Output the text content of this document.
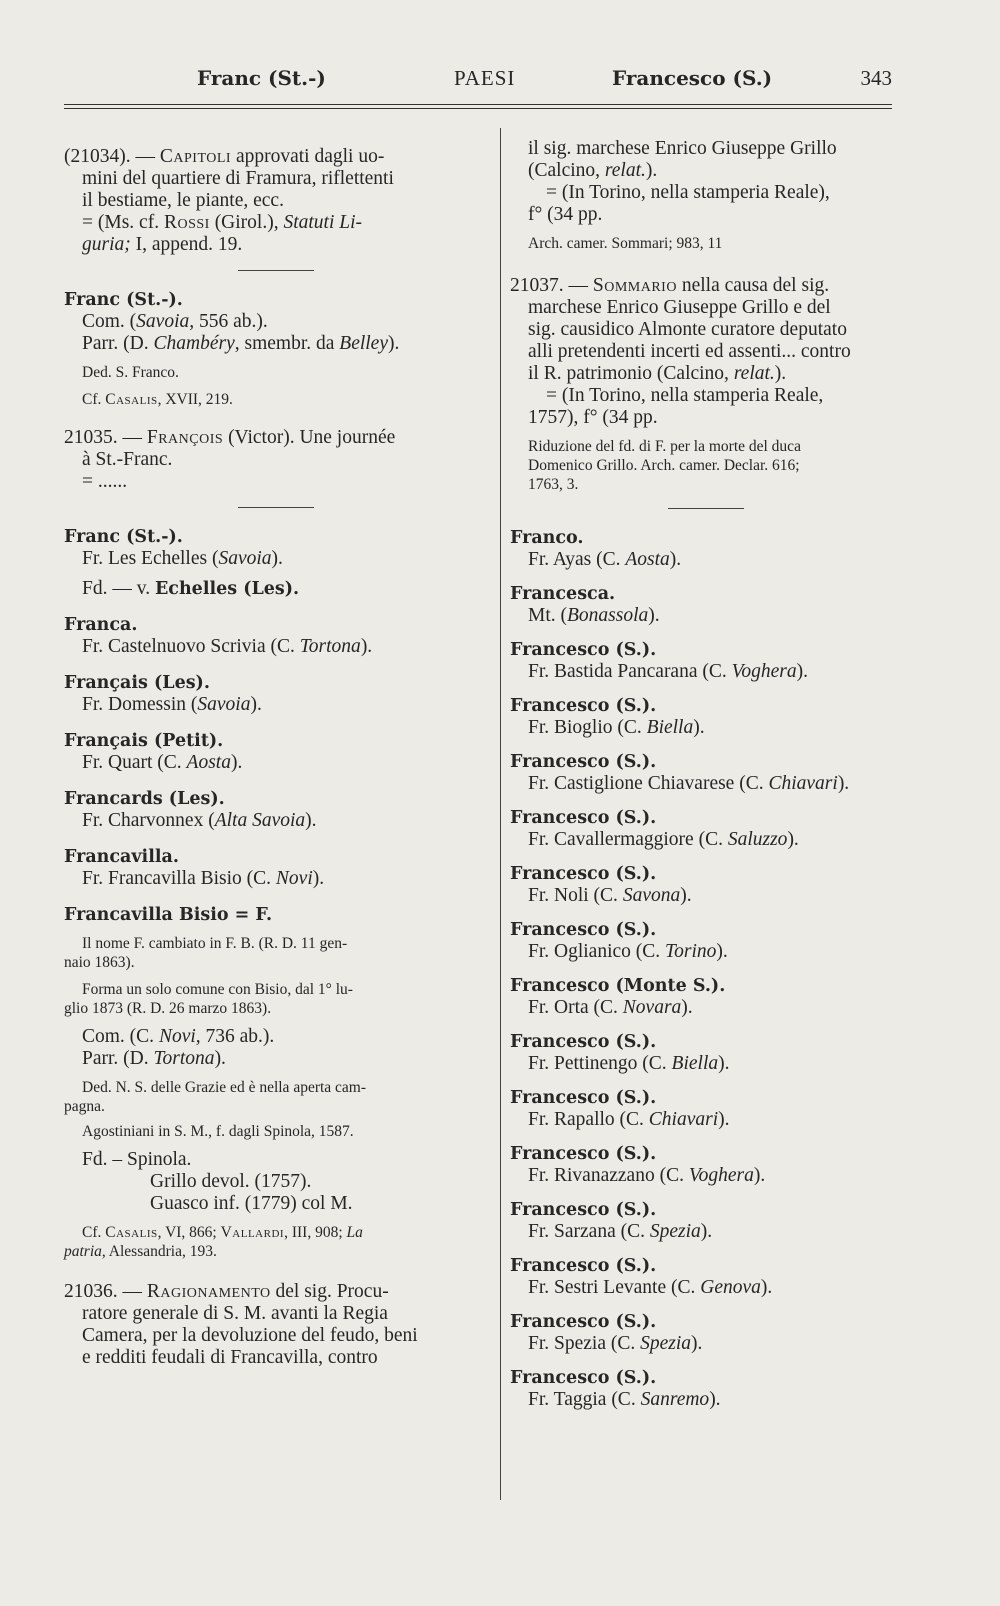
Franc (St.-)	PAESI	Francesco (S.)	343

(21034). — Capitoli approvati dagli uo-

mini del quartiere di Framura, riflettenti

il bestiame, le piante, ecc.

= (Ms. cf. Rossi (Girol.), Statuti Li-

guria; I, append. 19.

Franc (St.-).

Com. (Savoia, 556 ab.).

Parr. (D. Chambéry, smembr. da Belley).

Ded. S. Franco.

Cf. Casalis, XVII, 219.

21035. — François (Victor). Une journée

à St.-Franc.

= ......

Franc (St.-).

Fr. Les Echelles (Savoia).

Fd. — v. Echelles (Les).

Franca.

Fr. Castelnuovo Scrivia (C. Tortona).

Français (Les).

Fr. Domessin (Savoia).

Français (Petit).

Fr. Quart (C. Aosta).

Francards (Les).

Fr. Charvonnex (Alta Savoia).

Francavilla.

Fr. Francavilla Bisio (C. Novi).

Francavilla Bisio = F.

Il nome F. cambiato in F. B. (R. D. 11 gen-

naio 1863).

Forma un solo comune con Bisio, dal 1° lu-

glio 1873 (R. D. 26 marzo 1863).

Com. (C. Novi, 736 ab.).

Parr. (D. Tortona).

Ded. N. S. delle Grazie ed è nella aperta cam-

pagna.

Agostiniani in S. M., f. dagli Spinola, 1587.

Fd. – Spinola.

Grillo devol. (1757).

Guasco inf. (1779) col M.

Cf. Casalis, VI, 866; Vallardi, III, 908; La

patria, Alessandria, 193.

21036. — Ragionamento del sig. Procu-

ratore generale di S. M. avanti la Regia

Camera, per la devoluzione del feudo, beni

e redditi feudali di Francavilla, contro

il sig. marchese Enrico Giuseppe Grillo

(Calcino, relat.).

= (In Torino, nella stamperia Reale),

f° (34 pp.

Arch. camer. Sommari; 983, 11

21037. — Sommario nella causa del sig.

marchese Enrico Giuseppe Grillo e del

sig. causidico Almonte curatore deputato

alli pretendenti incerti ed assenti... contro

il R. patrimonio (Calcino, relat.).

= (In Torino, nella stamperia Reale,

1757), f° (34 pp.

Riduzione del fd. di F. per la morte del duca

Domenico Grillo. Arch. camer. Declar. 616;

1763, 3.

Franco.

Fr. Ayas (C. Aosta).

Francesca.

Mt. (Bonassola).

Francesco (S.).

Fr. Bastida Pancarana (C. Voghera).

Francesco (S.).

Fr. Bioglio (C. Biella).

Francesco (S.).

Fr. Castiglione Chiavarese (C. Chiavari).

Francesco (S.).

Fr. Cavallermaggiore (C. Saluzzo).

Francesco (S.).

Fr. Noli (C. Savona).

Francesco (S.).

Fr. Oglianico (C. Torino).

Francesco (Monte S.).

Fr. Orta (C. Novara).

Francesco (S.).

Fr. Pettinengo (C. Biella).

Francesco (S.).

Fr. Rapallo (C. Chiavari).

Francesco (S.).

Fr. Rivanazzano (C. Voghera).

Francesco (S.).

Fr. Sarzana (C. Spezia).

Francesco (S.).

Fr. Sestri Levante (C. Genova).

Francesco (S.).

Fr. Spezia (C. Spezia).

Francesco (S.).

Fr. Taggia (C. Sanremo).
